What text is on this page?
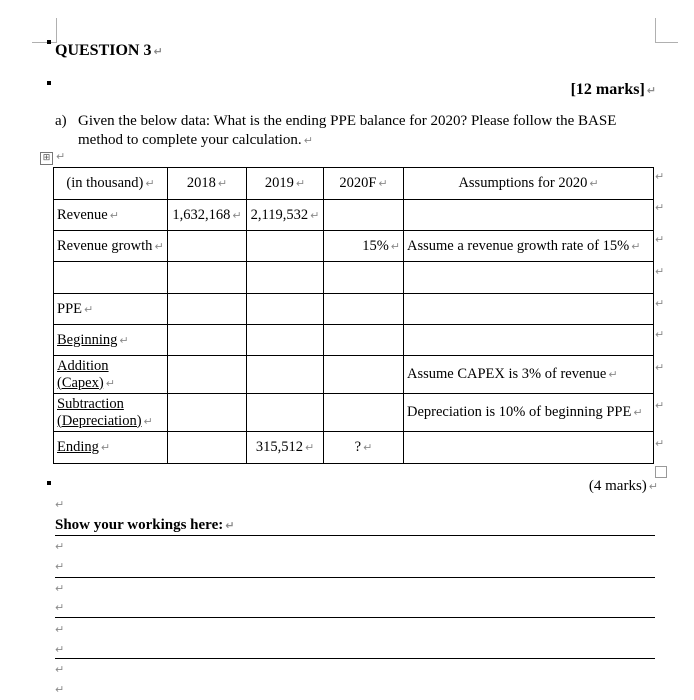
QUESTION 3 ↵
[12 marks] ↵
a) Given the below data: What is the ending PPE balance for 2020? Please follow the BASE method to complete your calculation. ↵
⊞ ↵
(in thousand) ↵	2018 ↵	2019 ↵	2020F ↵	Assumptions for 2020 ↵
Revenue ↵	1,632,168 ↵	2,119,532 ↵		
Revenue growth ↵			15% ↵	Assume a revenue growth rate of 15% ↵

PPE ↵				
Beginning ↵				
Addition (Capex) ↵				Assume CAPEX is 3% of revenue ↵
Subtraction (Depreciation) ↵				Depreciation is 10% of beginning PPE ↵
Ending ↵		315,512 ↵	? ↵	
↵
↵
↵
↵
↵
↵
↵
↵
↵
(4 marks) ↵
↵
Show your workings here: ↵
↵
↵
↵
↵
↵
↵
↵
↵
